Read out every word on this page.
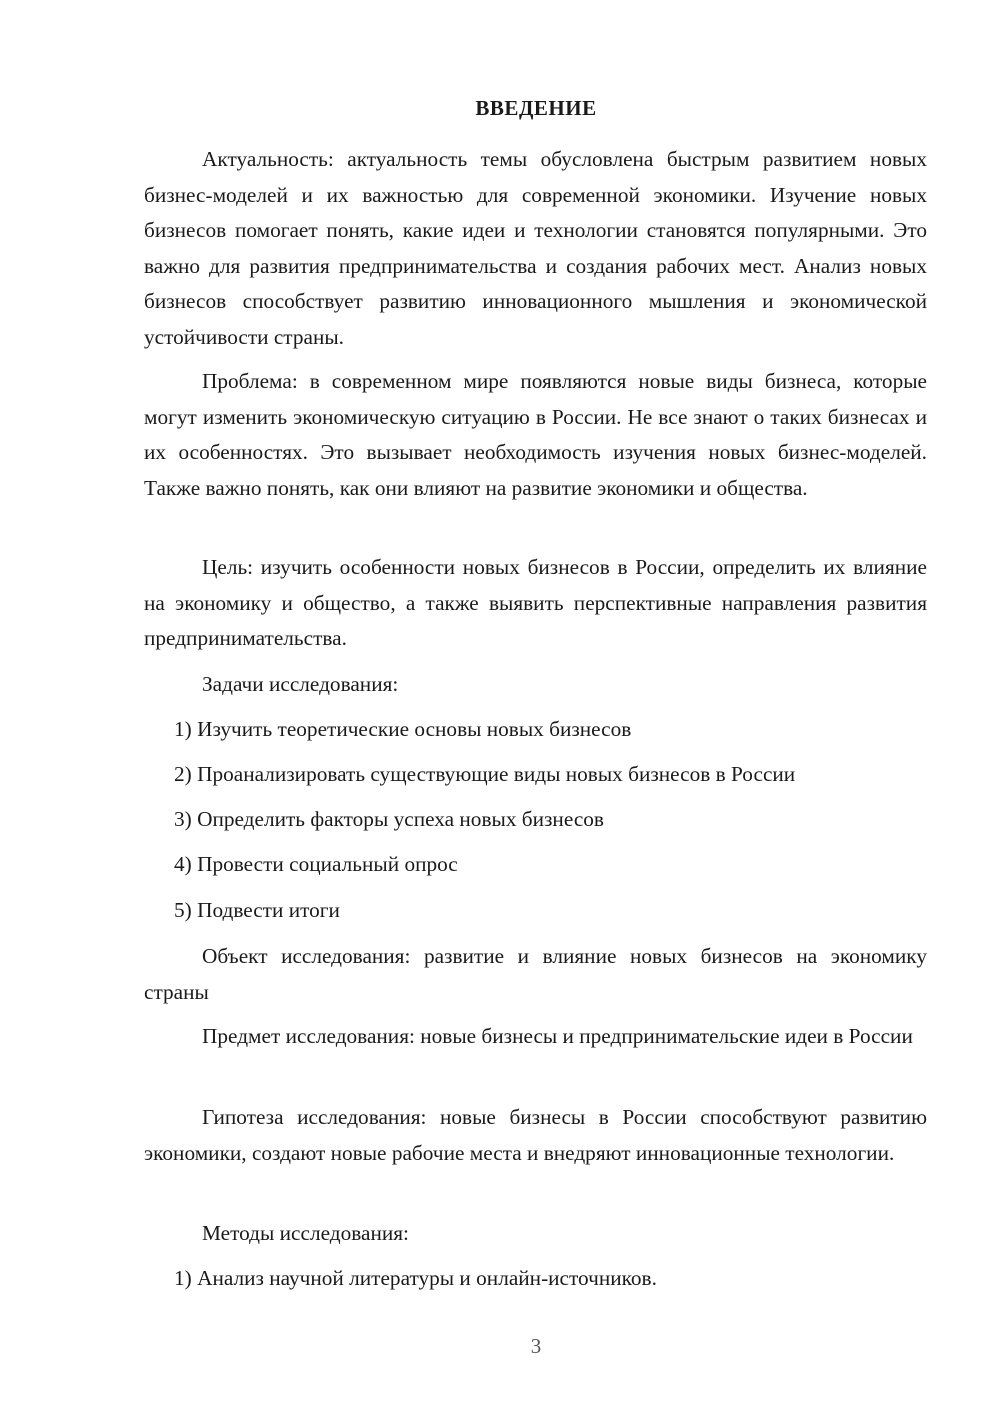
ВВЕДЕНИЕ

Актуальность: актуальность темы обусловлена быстрым развитием новых бизнес-моделей и их важностью для современной экономики. Изучение новых бизнесов помогает понять, какие идеи и технологии становятся популярными. Это важно для развития предпринимательства и создания рабочих мест. Анализ новых бизнесов способствует развитию инновационного мышления и экономической устойчивости страны.

Проблема: в современном мире появляются новые виды бизнеса, которые могут изменить экономическую ситуацию в России. Не все знают о таких бизнесах и их особенностях. Это вызывает необходимость изучения новых бизнес-моделей. Также важно понять, как они влияют на развитие экономики и общества.

Цель: изучить особенности новых бизнесов в России, определить их влияние на экономику и общество, а также выявить перспективные направления развития предпринимательства.

Задачи исследования:

1) Изучить теоретические основы новых бизнесов

2) Проанализировать существующие виды новых бизнесов в России

3) Определить факторы успеха новых бизнесов

4) Провести социальный опрос

5) Подвести итоги

Объект исследования: развитие и влияние новых бизнесов на экономику страны

Предмет исследования: новые бизнесы и предпринимательские идеи в России

Гипотеза исследования: новые бизнесы в России способствуют развитию экономики, создают новые рабочие места и внедряют инновационные технологии.

Методы исследования:

1) Анализ научной литературы и онлайн-источников.

3
